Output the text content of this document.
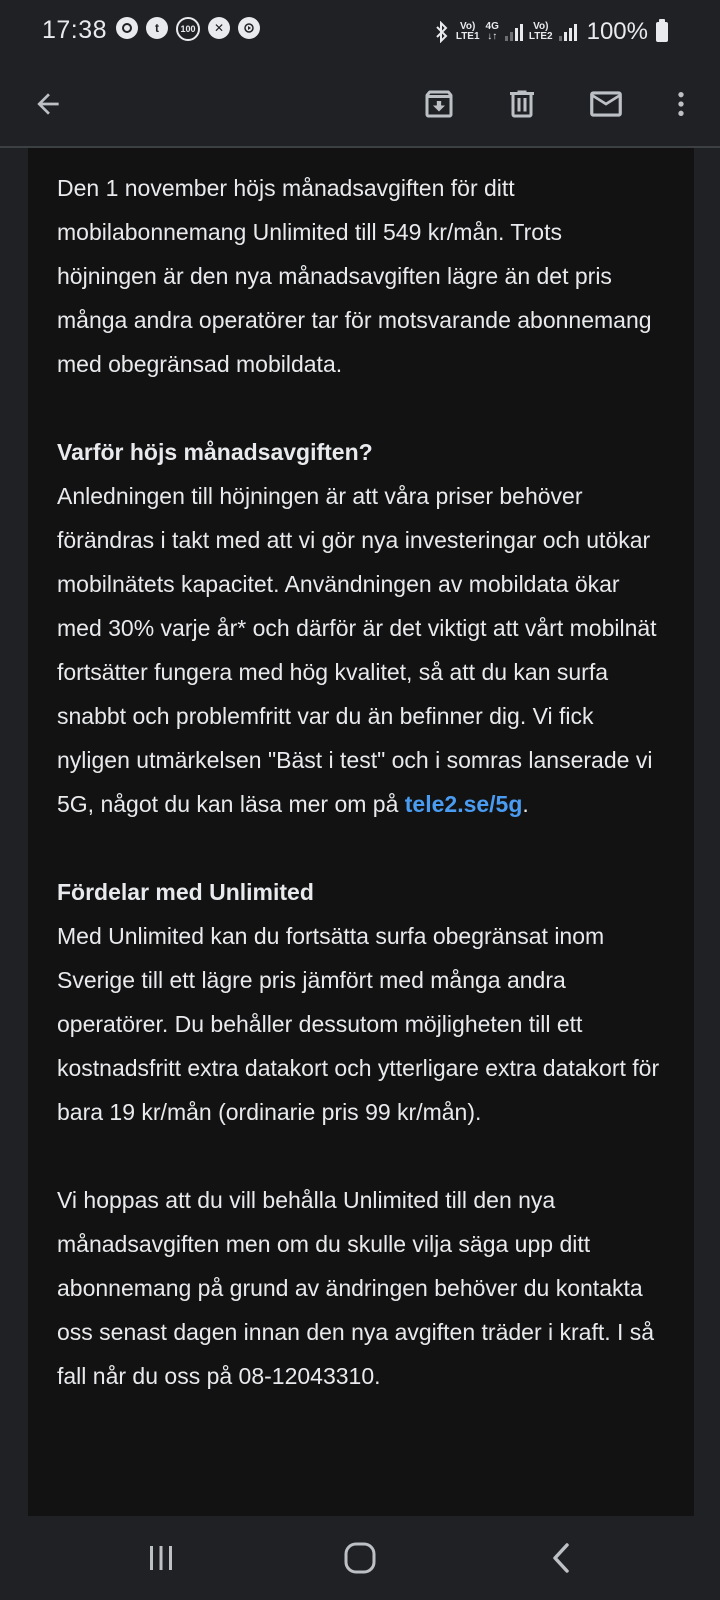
17:38	t	100	✕	Vo)
LTE1
4G
↓↑
Vo)
LTE2 100%

Den 1 november höjs månadsavgiften för ditt mobilabonnemang Unlimited till 549 kr/mån. Trots höjningen är den nya månadsavgiften lägre än det pris många andra operatörer tar för motsvarande abonnemang med obegränsad mobildata.

Varför höjs månadsavgiften?
Anledningen till höjningen är att våra priser behöver förändras i takt med att vi gör nya investeringar och utökar mobilnätets kapacitet. Användningen av mobildata ökar med 30% varje år* och därför är det viktigt att vårt mobilnät fortsätter fungera med hög kvalitet, så att du kan surfa snabbt och problemfritt var du än befinner dig. Vi fick nyligen utmärkelsen "Bäst i test" och i somras lanserade vi 5G, något du kan läsa mer om på tele2.se/5g.

Fördelar med Unlimited
Med Unlimited kan du fortsätta surfa obegränsat inom Sverige till ett lägre pris jämfört med många andra operatörer. Du behåller dessutom möjligheten till ett kostnadsfritt extra datakort och ytterligare extra datakort för bara 19 kr/mån (ordinarie pris 99 kr/mån).

Vi hoppas att du vill behålla Unlimited till den nya månadsavgiften men om du skulle vilja säga upp ditt abonnemang på grund av ändringen behöver du kontakta oss senast dagen innan den nya avgiften träder i kraft. I så fall når du oss på 08-12043310.
